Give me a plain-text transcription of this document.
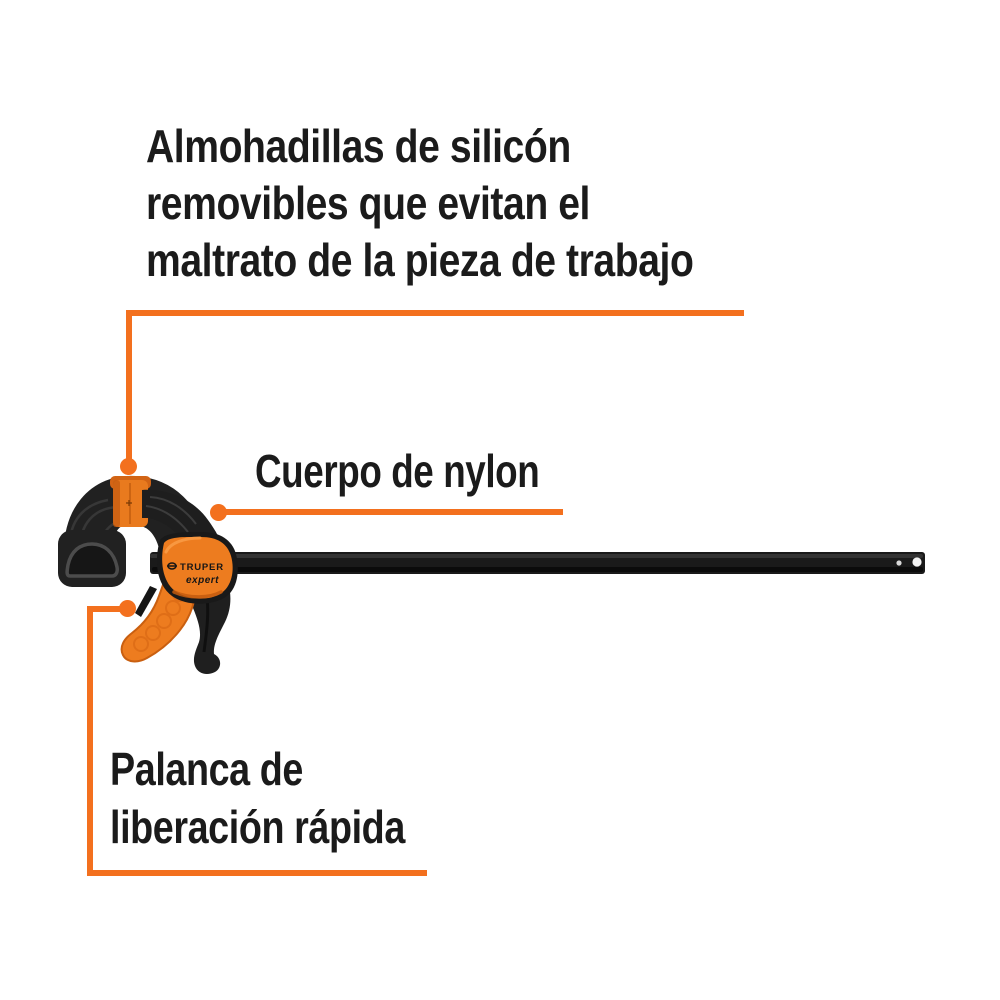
TRUPER
expert
Almohadillas de silicón
removibles que evitan el
maltrato de la pieza de trabajo
Cuerpo de nylon
Palanca de
liberación rápida
